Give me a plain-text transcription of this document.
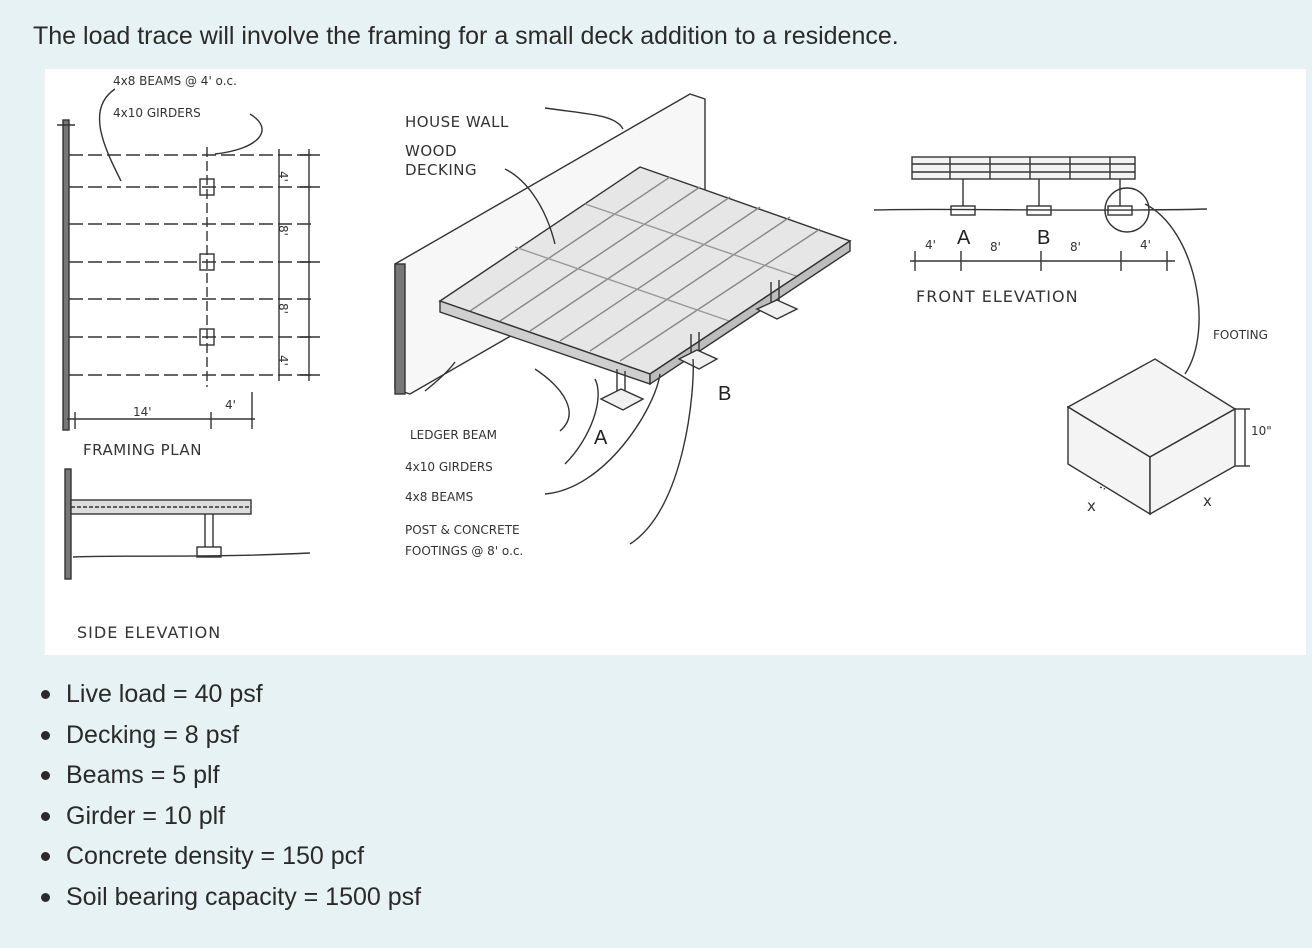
The load trace will involve the framing for a small deck addition to a residence.

4x8 BEAMS @ 4' o.c.
4x10 GIRDERS
14'	4'
4'
8'
8'
4'
FRAMING PLAN
SIDE ELEVATION
HOUSE WALL
WOOD
DECKING
LEDGER BEAM
4x10 GIRDERS
4x8 BEAMS
POST & CONCRETE
FOOTINGS @ 8' o.c.
A
B
4' A 8' B 8'	4'
FRONT ELEVATION
FOOTING
10"
x	x
Live load = 40 psf
Decking = 8 psf
Beams = 5 plf
Girder = 10 plf
Concrete density = 150 pcf
Soil bearing capacity = 1500 psf
